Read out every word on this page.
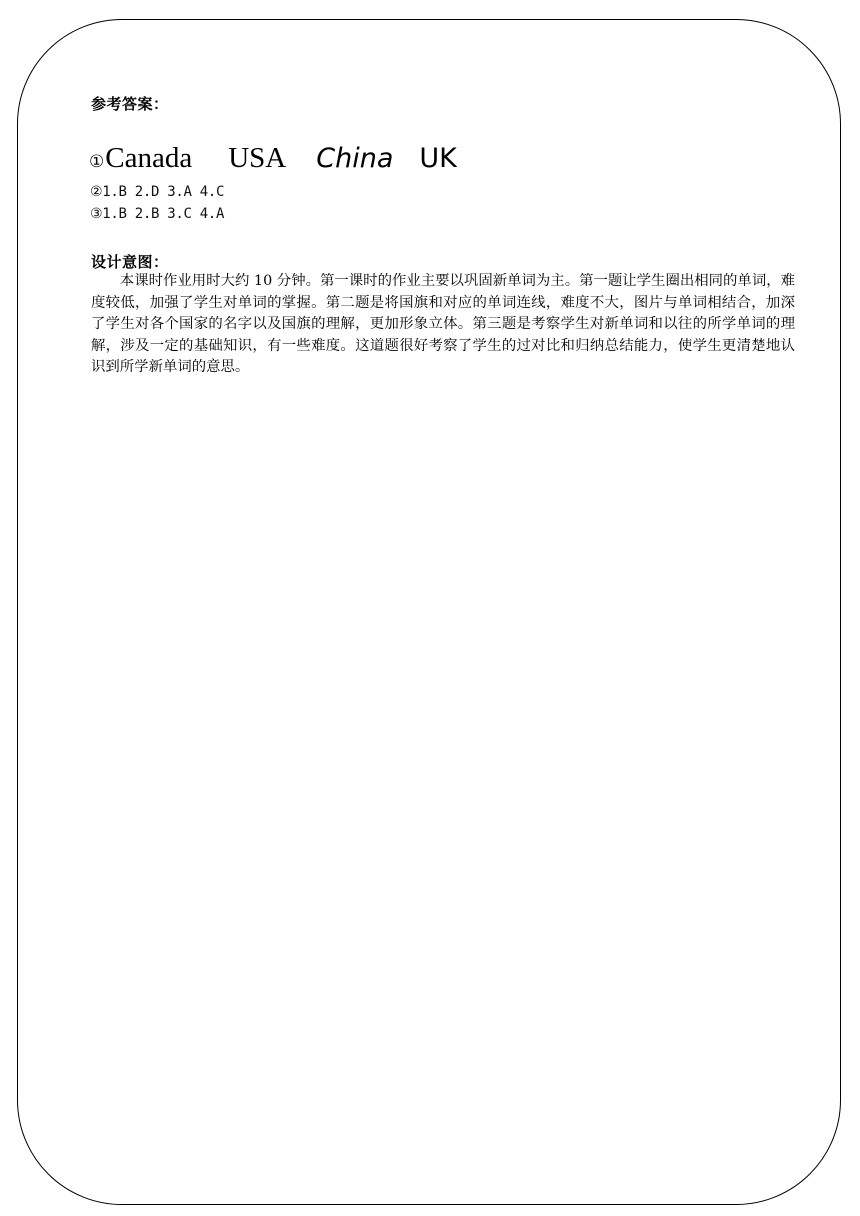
参考答案：
①Canada USA China UK
②1.B 2.D 3.A 4.C
③1.B 2.B 3.C 4.A
设计意图：
本课时作业用时大约 10 分钟。第一课时的作业主要以巩固新单词为主。第一题让学生圈出相同的单词，难度较低，加强了学生对单词的掌握。第二题是将国旗和对应的单词连线，难度不大，图片与单词相结合，加深了学生对各个国家的名字以及国旗的理解，更加形象立体。第三题是考察学生对新单词和以往的所学单词的理解，涉及一定的基础知识，有一些难度。这道题很好考察了学生的过对比和归纳总结能力，使学生更清楚地认识到所学新单词的意思。
